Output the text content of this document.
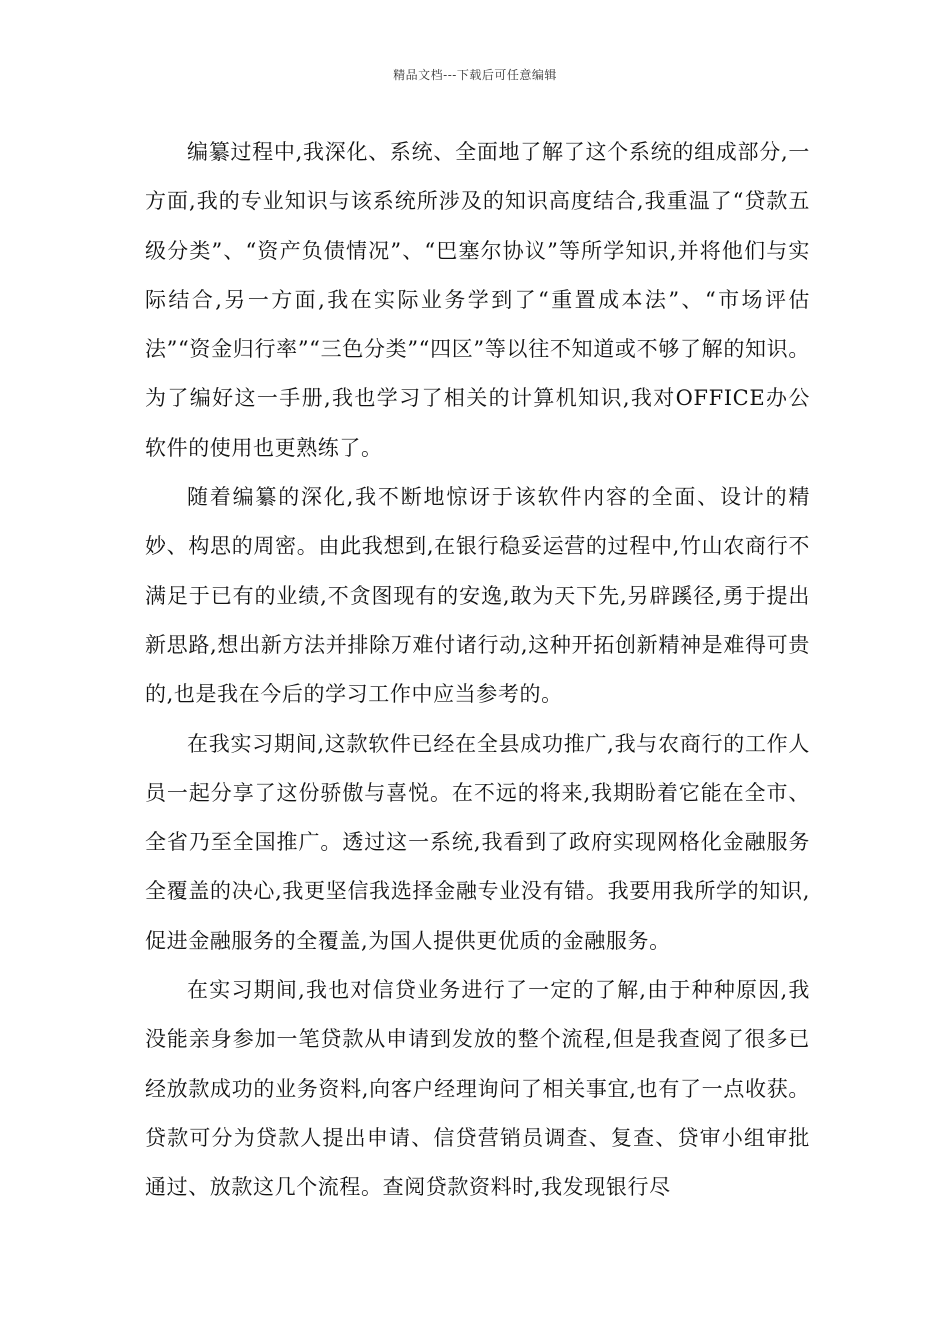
精品文档---下载后可任意编辑

编纂过程中,我深化、系统、全面地了解了这个系统的组成部分,一方面,我的专业知识与该系统所涉及的知识高度结合,我重温了“贷款五级分类”、“资产负债情况”、“巴塞尔协议”等所学知识,并将他们与实际结合,另一方面,我在实际业务学到了“重置成本法”、“市场评估法”“资金归行率”“三色分类”“四区”等以往不知道或不够了解的知识。为了编好这一手册,我也学习了相关的计算机知识,我对OFFICE办公软件的使用也更熟练了。

随着编纂的深化,我不断地惊讶于该软件内容的全面、设计的精妙、构思的周密。由此我想到,在银行稳妥运营的过程中,竹山农商行不满足于已有的业绩,不贪图现有的安逸,敢为天下先,另辟蹊径,勇于提出新思路,想出新方法并排除万难付诸行动,这种开拓创新精神是难得可贵的,也是我在今后的学习工作中应当参考的。

在我实习期间,这款软件已经在全县成功推广,我与农商行的工作人员一起分享了这份骄傲与喜悦。在不远的将来,我期盼着它能在全市、全省乃至全国推广。透过这一系统,我看到了政府实现网格化金融服务全覆盖的决心,我更坚信我选择金融专业没有错。我要用我所学的知识,促进金融服务的全覆盖,为国人提供更优质的金融服务。

在实习期间,我也对信贷业务进行了一定的了解,由于种种原因,我没能亲身参加一笔贷款从申请到发放的整个流程,但是我查阅了很多已经放款成功的业务资料,向客户经理询问了相关事宜,也有了一点收获。贷款可分为贷款人提出申请、信贷营销员调查、复查、贷审小组审批通过、放款这几个流程。查阅贷款资料时,我发现银行尽
